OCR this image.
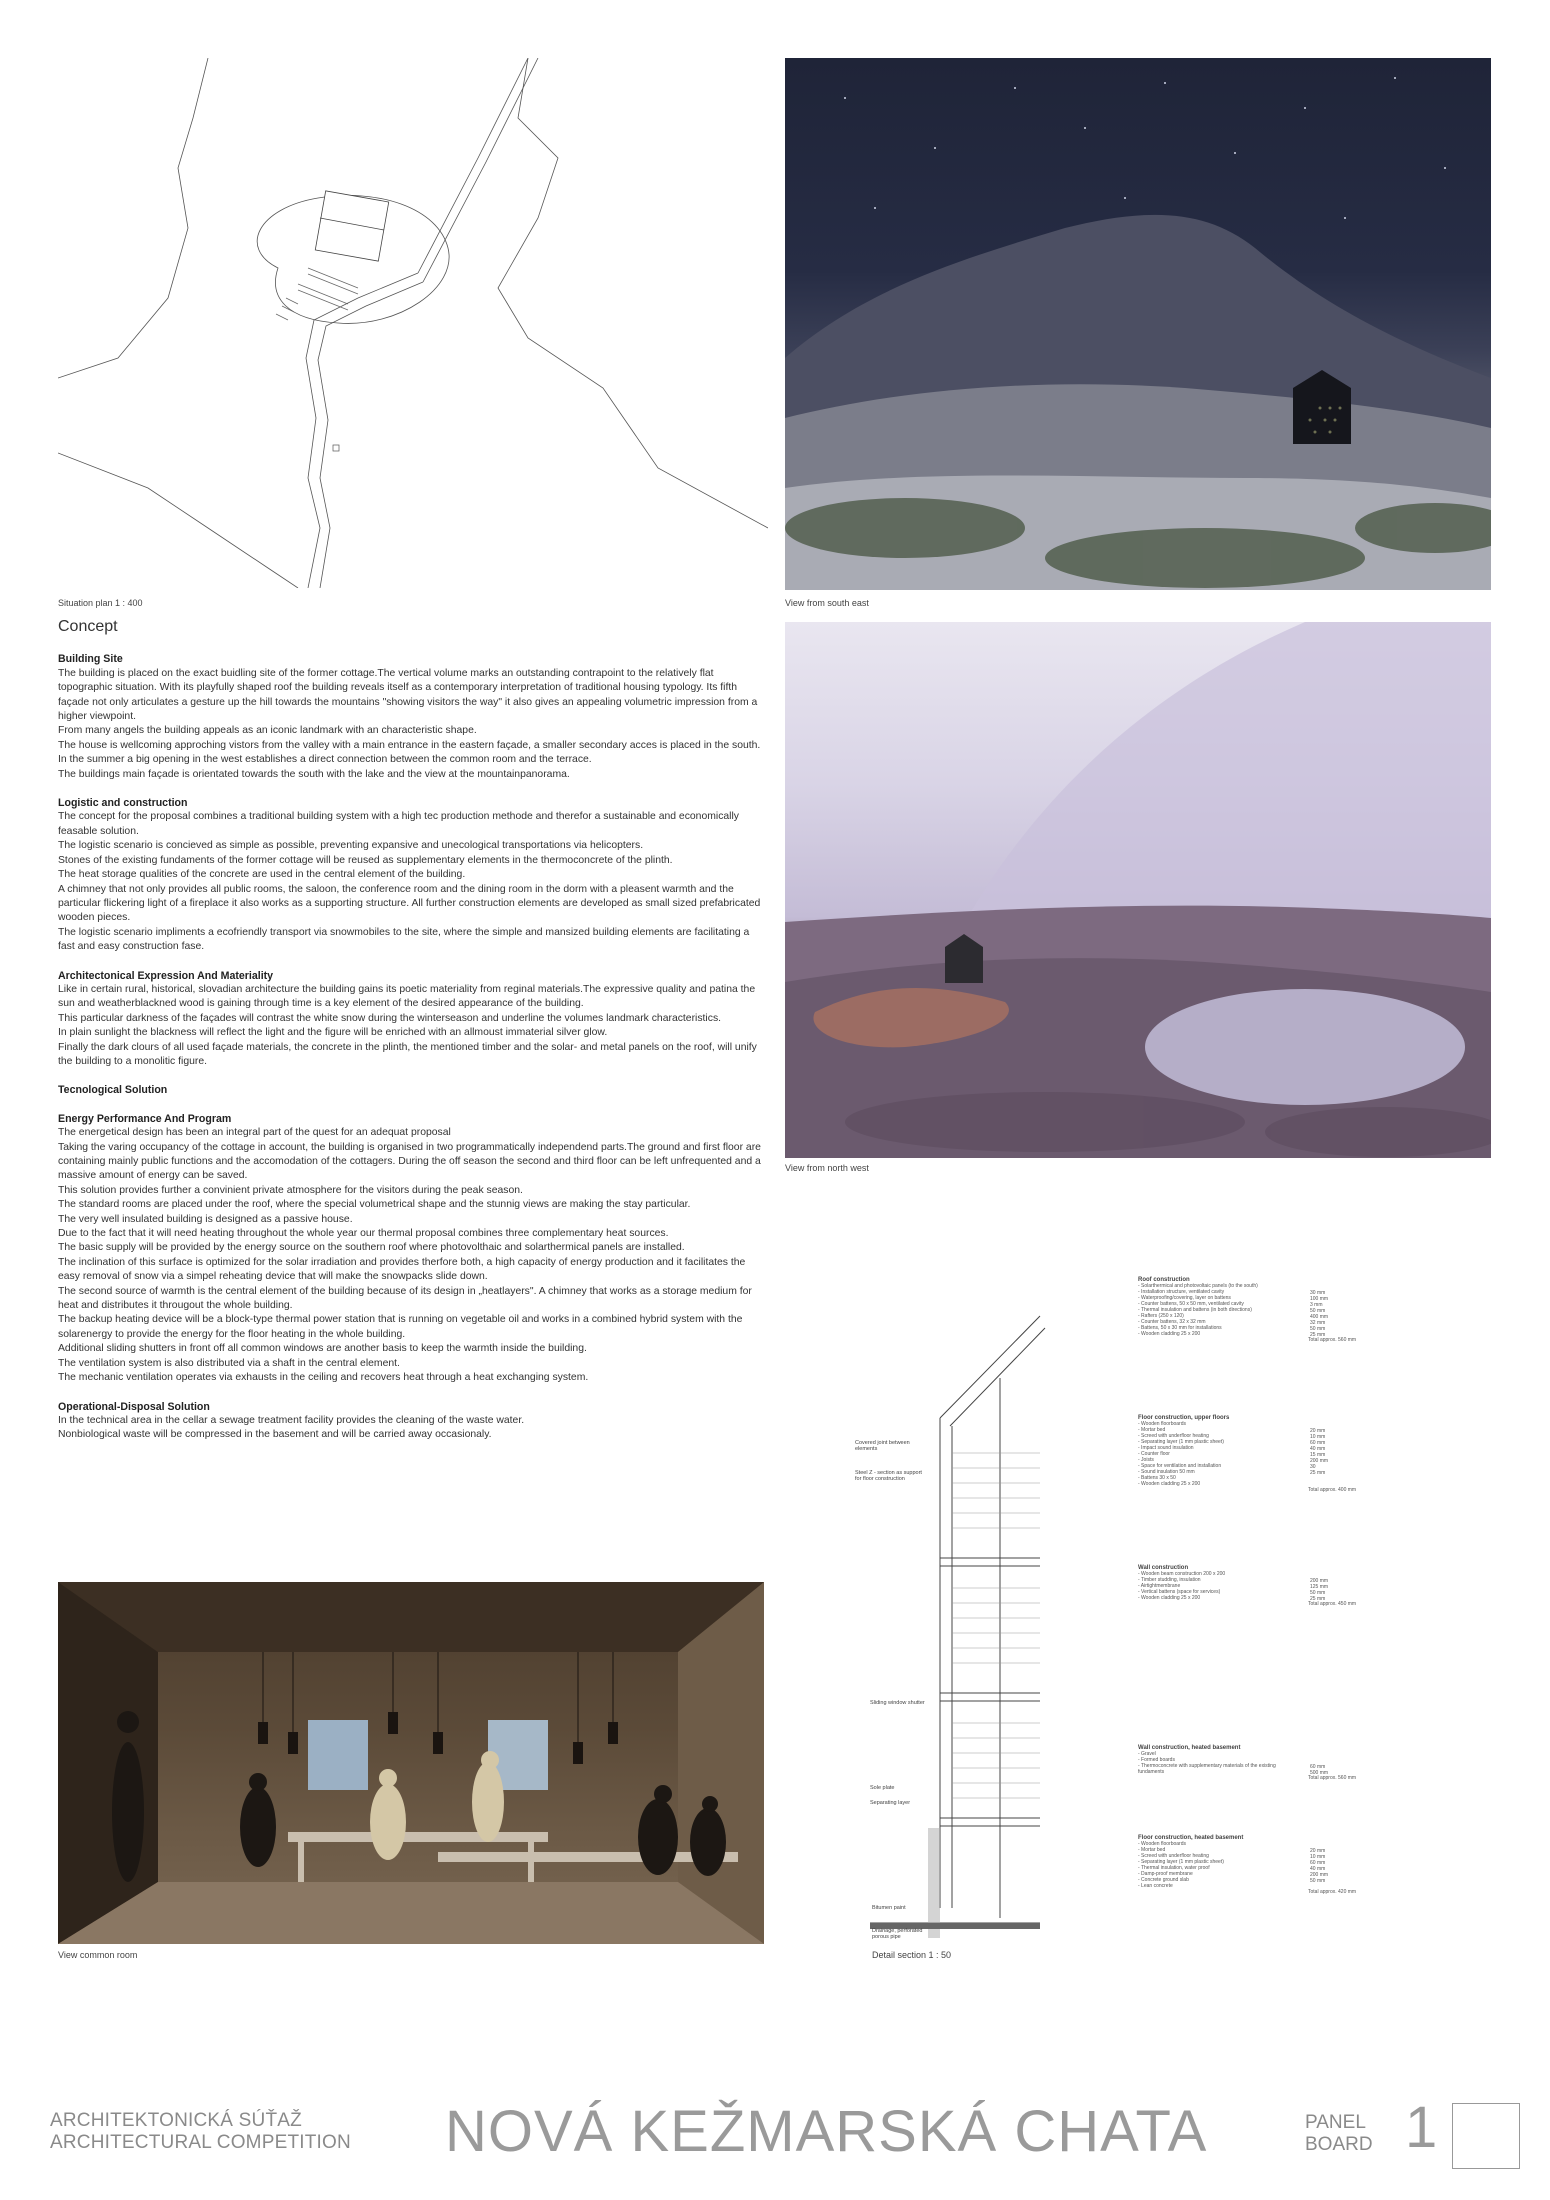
Situation plan 1 : 400	View from south east
View from north west
Concept
Building Site

The building is placed on the exact buidling site of the former cottage.The vertical volume marks an outstanding contrapoint to the relatively flat topographic situation. With its playfully shaped roof the building reveals itself as a contemporary interpretation of traditional housing typology. Its fifth façade not only articulates a gesture up the hill towards the mountains "showing visitors the way" it also gives an appealing volumetric impression from a higher viewpoint.

From many angels the building appeals as an iconic landmark with an characteristic shape.

The house is wellcoming approching vistors from the valley with a main entrance in the eastern façade, a smaller secondary acces is placed in the south. In the summer a big opening in the west establishes a direct connection between the common room and the terrace.

The buildings main façade is orientated towards the south with the lake and the view at the mountainpanorama.

Logistic and construction

The concept for the proposal combines a traditional building system with a high tec production methode and therefor a sustainable and economically feasable solution.

The logistic scenario is concieved as simple as possible, preventing expansive and unecological transportations via helicopters.

Stones of the existing fundaments of the former cottage will be reused as supplementary elements in the thermoconcrete of the plinth.

The heat storage qualities of the concrete are used in the central element of the building.

A chimney that not only provides all public rooms, the saloon, the conference room and the dining room in the dorm with a pleasent warmth and the particular flickering light of a fireplace it also works as a supporting structure. All further construction elements are developed as small sized prefabricated wooden pieces.

The logistic scenario impliments a ecofriendly transport via snowmobiles to the site, where the simple and mansized building elements are facilitating a fast and easy construction fase.

Architectonical Expression And Materiality

Like in certain rural, historical, slovadian architecture the building gains its poetic materiality from reginal materials.The expressive quality and patina the sun and weatherblackned wood is gaining through time is a key element of the desired appearance of the building.

This particular darkness of the façades will contrast the white snow during the winterseason and underline the volumes landmark characteristics.

In plain sunlight the blackness will reflect the light and the figure will be enriched with an allmoust immaterial silver glow.

Finally the dark clours of all used façade materials, the concrete in the plinth, the mentioned timber and the solar- and metal panels on the roof, will unify the building to a monolitic figure.

Tecnological Solution
Energy Performance And Program

The energetical design has been an integral part of the quest for an adequat proposal

Taking the varing occupancy of the cottage in account, the building is organised in two programmatically independend parts.The ground and first floor are containing mainly public functions and the accomodation of the cottagers. During the off season the second and third floor can be left unfrequented and a massive amount of energy can be saved.

This solution provides further a convinient private atmosphere for the visitors during the peak season.

The standard rooms are placed under the roof, where the special volumetrical shape and the stunnig views are making the stay particular.

The very well insulated building is designed as a passive house.

Due to the fact that it will need heating throughout the whole year our thermal proposal combines three complementary heat sources.

The basic supply will be provided by the energy source on the southern roof where photovolthaic and solarthermical panels are installed.

The inclination of this surface is optimized for the solar irradiation and provides therfore both, a high capacity of energy production and it facilitates the easy removal of snow via a simpel reheating device that will make the snowpacks slide down.

The second source of warmth is the central element of the building because of its design in „heatlayers". A chimney that works as a storage medium for heat and distributes it througout the whole building.

The backup heating device will be a block-type thermal power station that is running on vegetable oil and works in a combined hybrid system with the solarenergy to provide the energy for the floor heating in the whole building.

Additional sliding shutters in front off all common windows are another basis to keep the warmth inside the building.

The ventilation system is also distributed via a shaft in the central element.

The mechanic ventilation operates via exhausts in the ceiling and recovers heat through a heat exchanging system.

Operational-Disposal Solution

In the technical area in the cellar a sewage treatment facility provides the cleaning of the waste water.

Nonbiological waste will be compressed in the basement and will be carried away occasionaly.

View common room
Covered joint between elements
Steel Z - section as support for floor construction
Sliding window shutter
Sole plate
Separating layer
Bitumen paint
Drainage, perforated porous pipe
Detail section 1 : 50
Roof construction
- Solarthermical and photovoltaic panels (to the south)
- Installation structure, ventilated cavity
- Waterproofing/covering, layer on battens
- Counter battens, 50 x 50 mm, ventilated cavity
- Thermal insulation and battens (in both directions)
- Rafters (250 x 120)
- Counter battens, 32 x 32 mm
- Battens, 50 x 30 mm for installations
- Wooden cladding 25 x 200
Total approx. 560 mm
30 mm
100 mm
3 mm
50 mm
400 mm
32 mm
50 mm
25 mm
Floor construction, upper floors
- Wooden floorboards
- Mortar bed
- Screed with underfloor heating
- Separating layer (1 mm plastic sheet)
- Impact sound insulation
- Counter floor
- Joists
- Space for ventilation and installation
- Sound insulation 50 mm
- Battens 30 x 50
- Wooden cladding 25 x 200
Total approx. 400 mm
20 mm
10 mm
60 mm
40 mm
15 mm
200 mm
30
25 mm
Wall construction
- Wooden beam construction 200 x 200
- Timber studding, insulation
- Airtightmembrane
- Vertical battens (space for services)
- Wooden cladding 25 x 200
Total approx. 450 mm
200 mm
125 mm
50 mm
25 mm
Wall construction, heated basement
- Gravel
- Formed boards
- Thermoconcrete with supplementary materials of the existing fundaments
Total approx. 560 mm
60 mm
500 mm
Floor construction, heated basement
- Wooden floorboards
- Mortar bed
- Screed with underfloor heating
- Separating layer (1 mm plastic sheet)
- Thermal insulation, water proof
- Damp-proof membrane
- Concrete ground slab
- Lean concrete
Total approx. 420 mm
20 mm
10 mm
60 mm
40 mm
200 mm
50 mm
ARCHITEKTONICKÁ SÚŤAŽ
ARCHITECTURAL COMPETITION NOVÁ KEŽMARSKÁ CHATA	PANEL
BOARD 1
